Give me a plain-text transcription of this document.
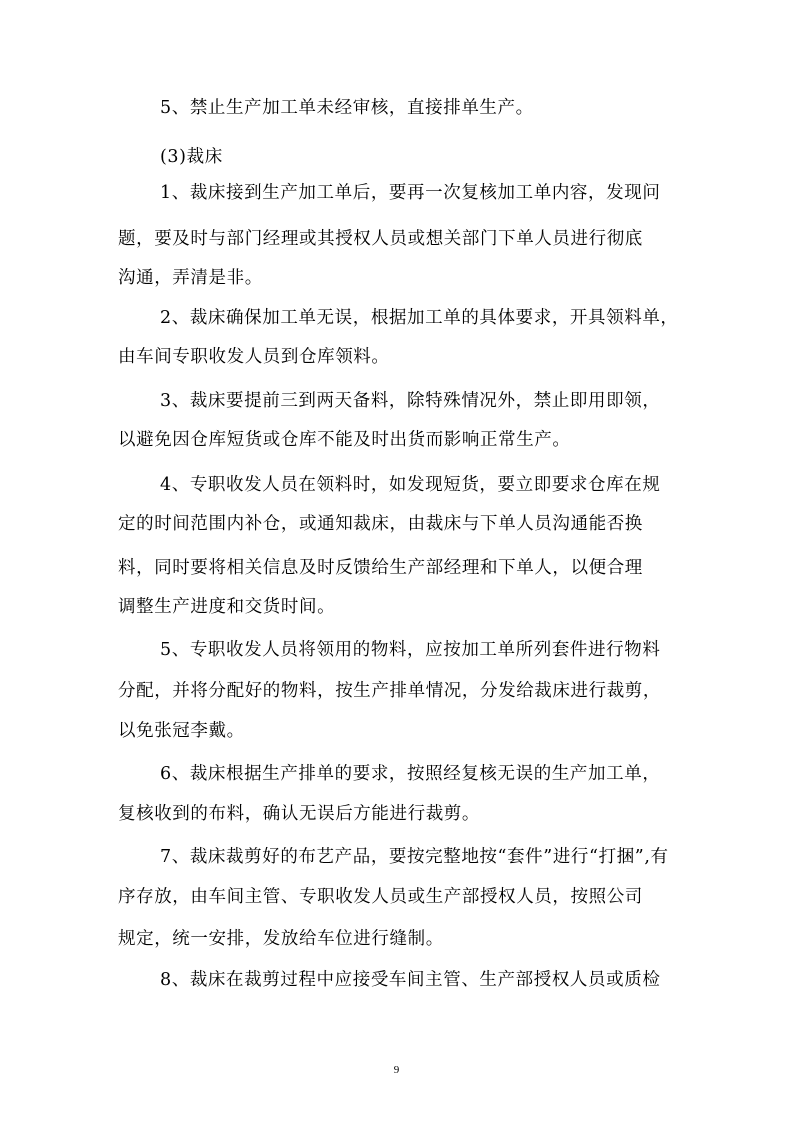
5、禁止生产加工单未经审核，直接排单生产。
(3)裁床
1、裁床接到生产加工单后，要再一次复核加工单内容，发现问
题，要及时与部门经理或其授权人员或想关部门下单人员进行彻底
沟通，弄清是非。
2、裁床确保加工单无误，根据加工单的具体要求，开具领料单，
由车间专职收发人员到仓库领料。
3、裁床要提前三到两天备料，除特殊情况外，禁止即用即领，
以避免因仓库短货或仓库不能及时出货而影响正常生产。
4、专职收发人员在领料时，如发现短货，要立即要求仓库在规
定的时间范围内补仓，或通知裁床，由裁床与下单人员沟通能否换
料，同时要将相关信息及时反馈给生产部经理和下单人，以便合理
调整生产进度和交货时间。
5、专职收发人员将领用的物料，应按加工单所列套件进行物料
分配，并将分配好的物料，按生产排单情况，分发给裁床进行裁剪，
以免张冠李戴。
6、裁床根据生产排单的要求，按照经复核无误的生产加工单，
复核收到的布料，确认无误后方能进行裁剪。
7、裁床裁剪好的布艺产品，要按完整地按“套件”进行“打捆”,有
序存放，由车间主管、专职收发人员或生产部授权人员，按照公司
规定，统一安排，发放给车位进行缝制。
8、裁床在裁剪过程中应接受车间主管、生产部授权人员或质检
9
